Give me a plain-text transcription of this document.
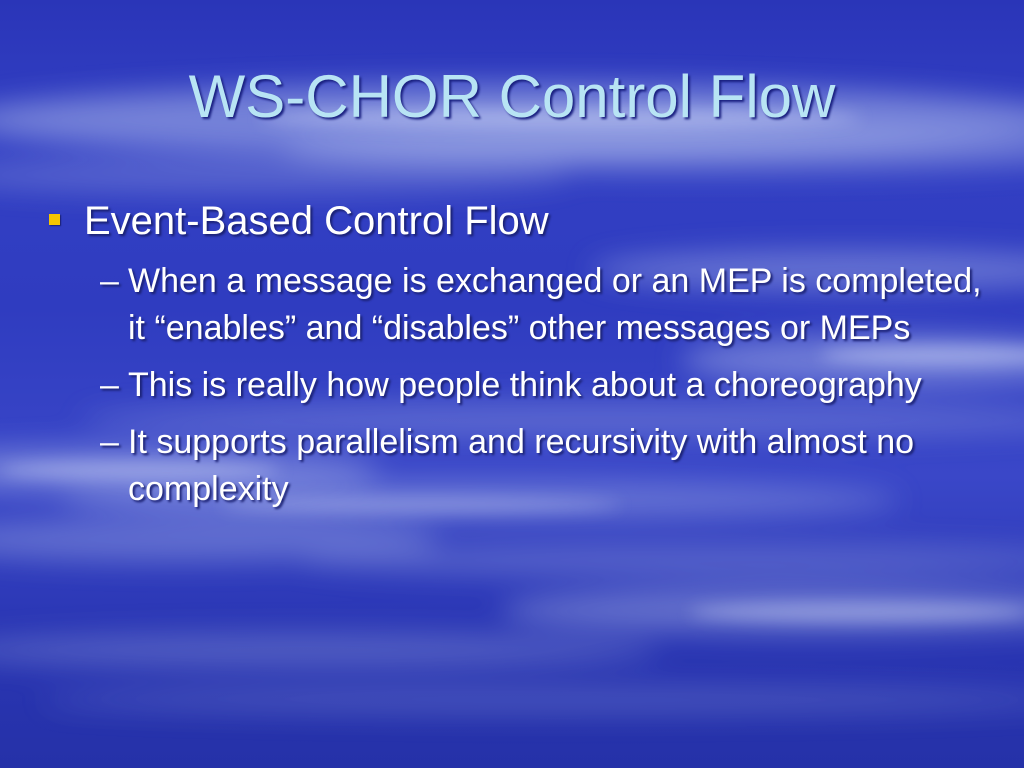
WS-CHOR Control Flow
Event-Based Control Flow
– When a message is exchanged or an MEP is completed, it “enables” and “disables” other messages or MEPs
– This is really how people think about a choreography
– It supports parallelism and recursivity with almost no complexity
